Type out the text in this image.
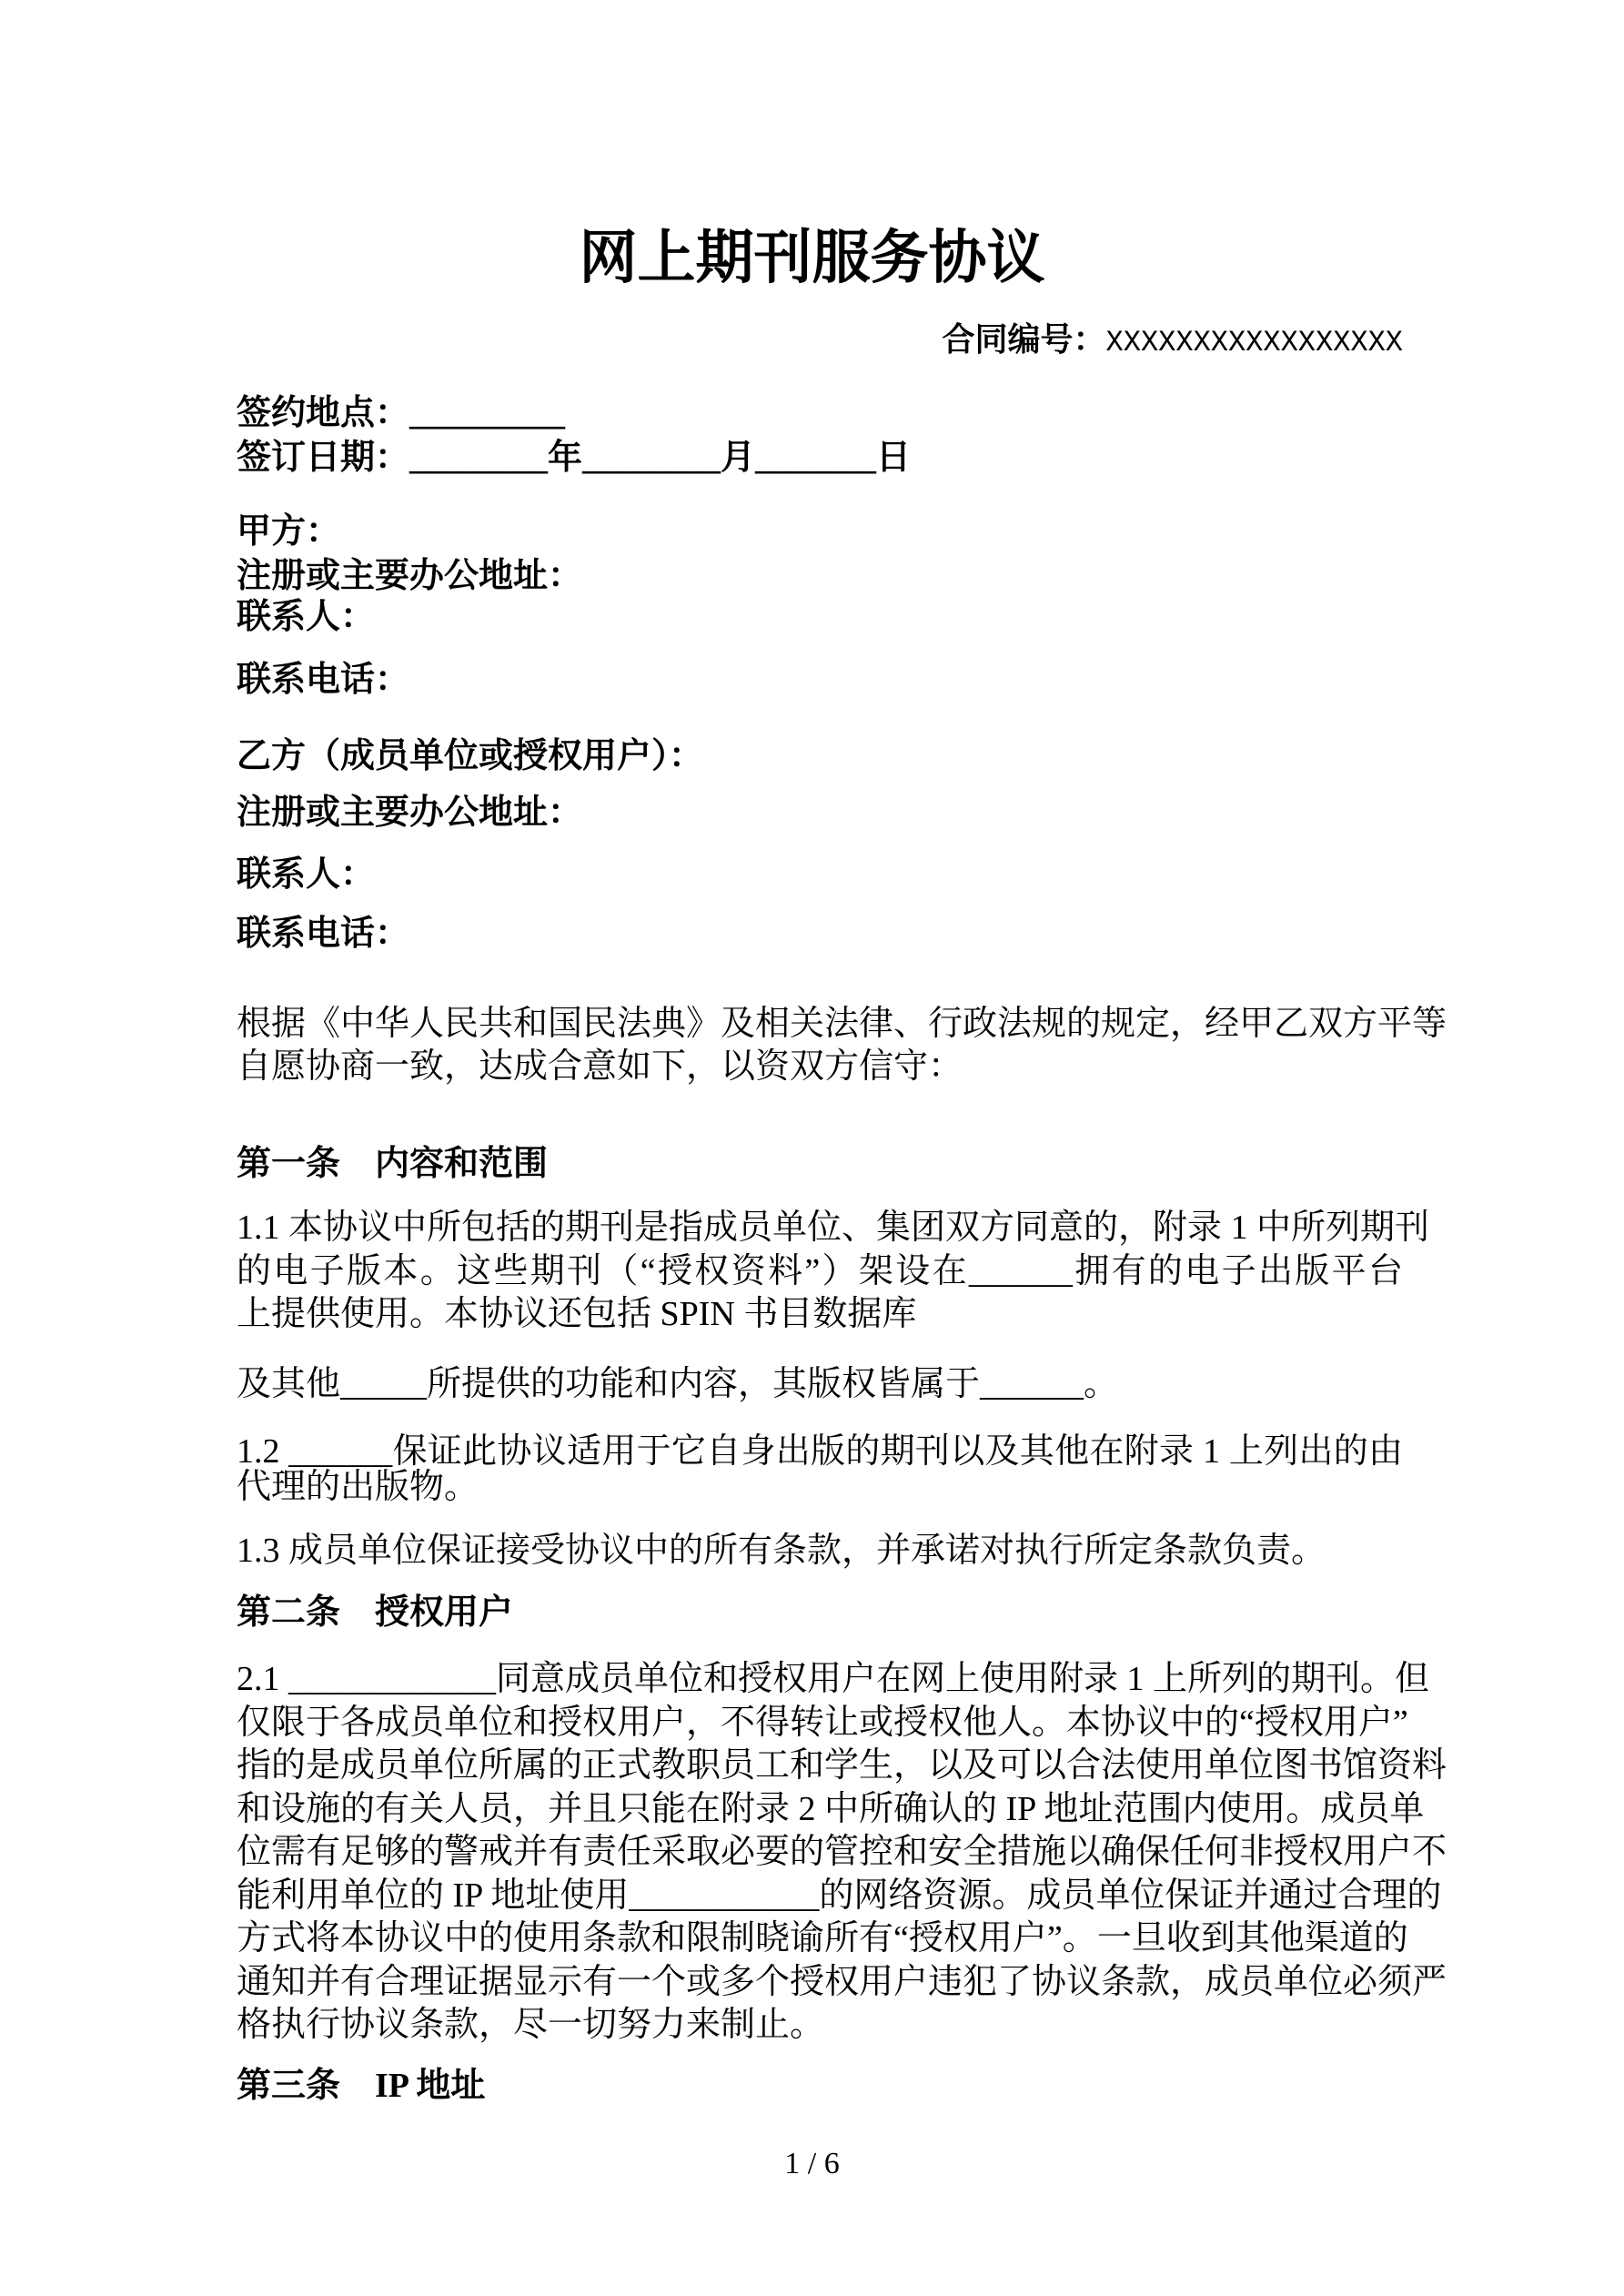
网上期刊服务协议
合同编号：XXXXXXXXXXXXXXXXX
签约地点：_________
签订日期：________年________月_______日
甲方：
注册或主要办公地址：
联系人：
联系电话：
乙方（成员单位或授权用户）：
注册或主要办公地址：
联系人：
联系电话：
根据《中华人民共和国民法典》及相关法律、行政法规的规定，经甲乙双方平等
自愿协商一致，达成合意如下，以资双方信守：
第一条　内容和范围
1.1 本协议中所包括的期刊是指成员单位、集团双方同意的，附录 1 中所列期刊
的电子版本。这些期刊（“授权资料”）架设在______拥有的电子出版平台
上提供使用。本协议还包括 SPIN 书目数据库
及其他_____所提供的功能和内容，其版权皆属于______。
1.2 ______保证此协议适用于它自身出版的期刊以及其他在附录 1 上列出的由
代理的出版物。
1.3 成员单位保证接受协议中的所有条款，并承诺对执行所定条款负责。
第二条　授权用户
2.1 ____________同意成员单位和授权用户在网上使用附录 1 上所列的期刊。但
仅限于各成员单位和授权用户，不得转让或授权他人。本协议中的“授权用户”
指的是成员单位所属的正式教职员工和学生，以及可以合法使用单位图书馆资料
和设施的有关人员，并且只能在附录 2 中所确认的 IP 地址范围内使用。成员单
位需有足够的警戒并有责任采取必要的管控和安全措施以确保任何非授权用户不
能利用单位的 IP 地址使用___________的网络资源。成员单位保证并通过合理的
方式将本协议中的使用条款和限制晓谕所有“授权用户”。一旦收到其他渠道的
通知并有合理证据显示有一个或多个授权用户违犯了协议条款，成员单位必须严
格执行协议条款，尽一切努力来制止。
第三条　IP 地址
1 / 6
